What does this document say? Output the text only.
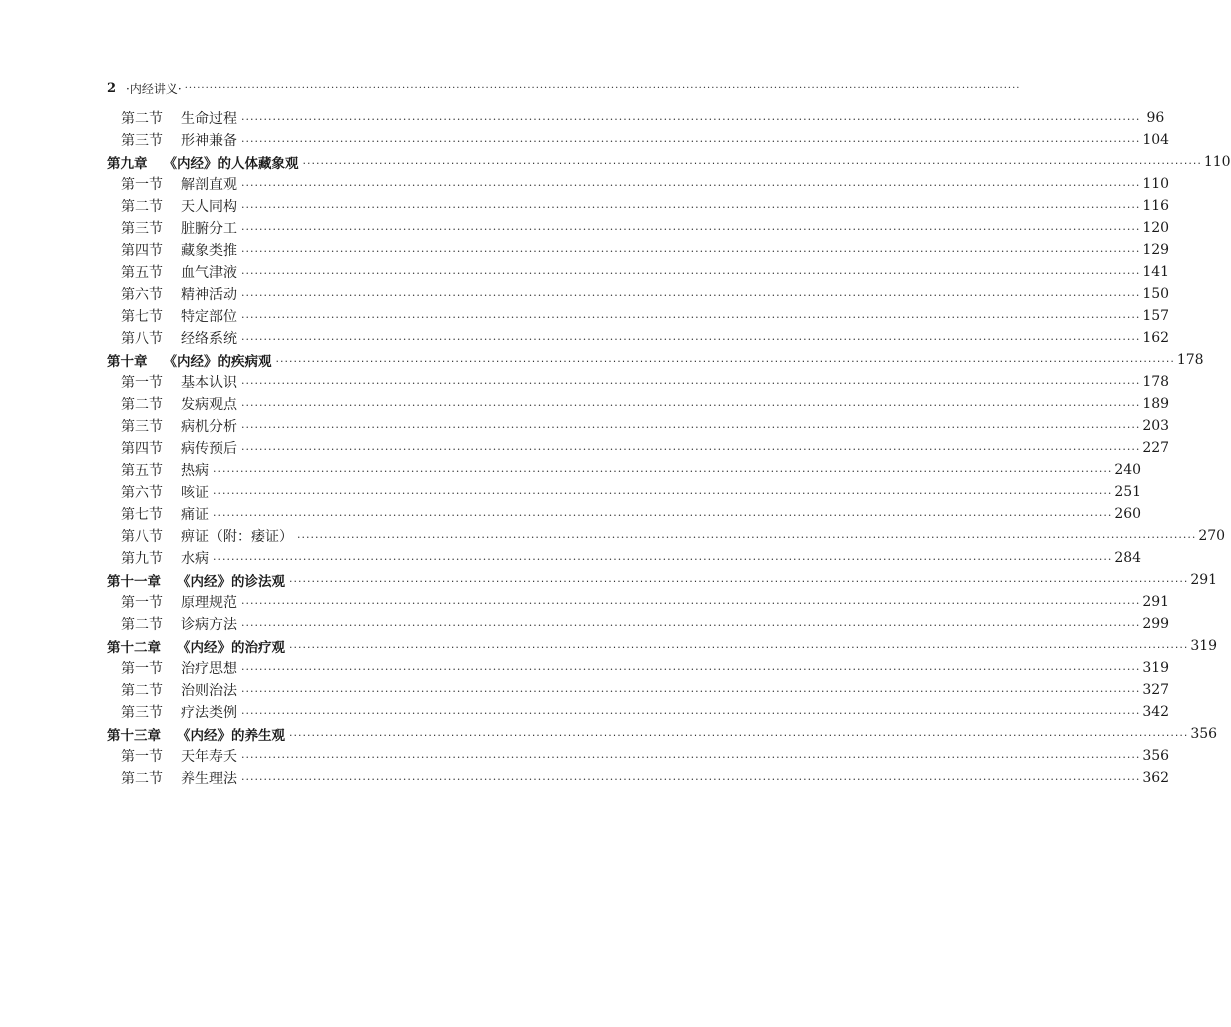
2 ·内经讲义· ········································································································································································································
第二节	生命过程 ········································································································································································································ 96
第三节	形神兼备 ········································································································································································································ 104
第九章 《内经》的人体藏象观 ········································································································································································································ 110
第一节	解剖直观 ········································································································································································································ 110
第二节	天人同构 ········································································································································································································ 116
第三节	脏腑分工 ········································································································································································································ 120
第四节	藏象类推 ········································································································································································································ 129
第五节	血气津液 ········································································································································································································ 141
第六节	精神活动 ········································································································································································································ 150
第七节	特定部位 ········································································································································································································ 157
第八节	经络系统 ········································································································································································································ 162
第十章 《内经》的疾病观 ········································································································································································································ 178
第一节	基本认识 ········································································································································································································ 178
第二节	发病观点 ········································································································································································································ 189
第三节	病机分析 ········································································································································································································ 203
第四节	病传预后 ········································································································································································································ 227
第五节	热病 ········································································································································································································ 240
第六节	咳证 ········································································································································································································ 251
第七节	痛证 ········································································································································································································ 260
第八节	痹证（附：痿证） ········································································································································································································ 270
第九节	水病 ········································································································································································································ 284
第十一章 《内经》的诊法观 ········································································································································································································ 291
第一节	原理规范 ········································································································································································································ 291
第二节	诊病方法 ········································································································································································································ 299
第十二章 《内经》的治疗观 ········································································································································································································ 319
第一节	治疗思想 ········································································································································································································ 319
第二节	治则治法 ········································································································································································································ 327
第三节	疗法类例 ········································································································································································································ 342
第十三章 《内经》的养生观 ········································································································································································································ 356
第一节	天年寿夭 ········································································································································································································ 356
第二节	养生理法 ········································································································································································································ 362
